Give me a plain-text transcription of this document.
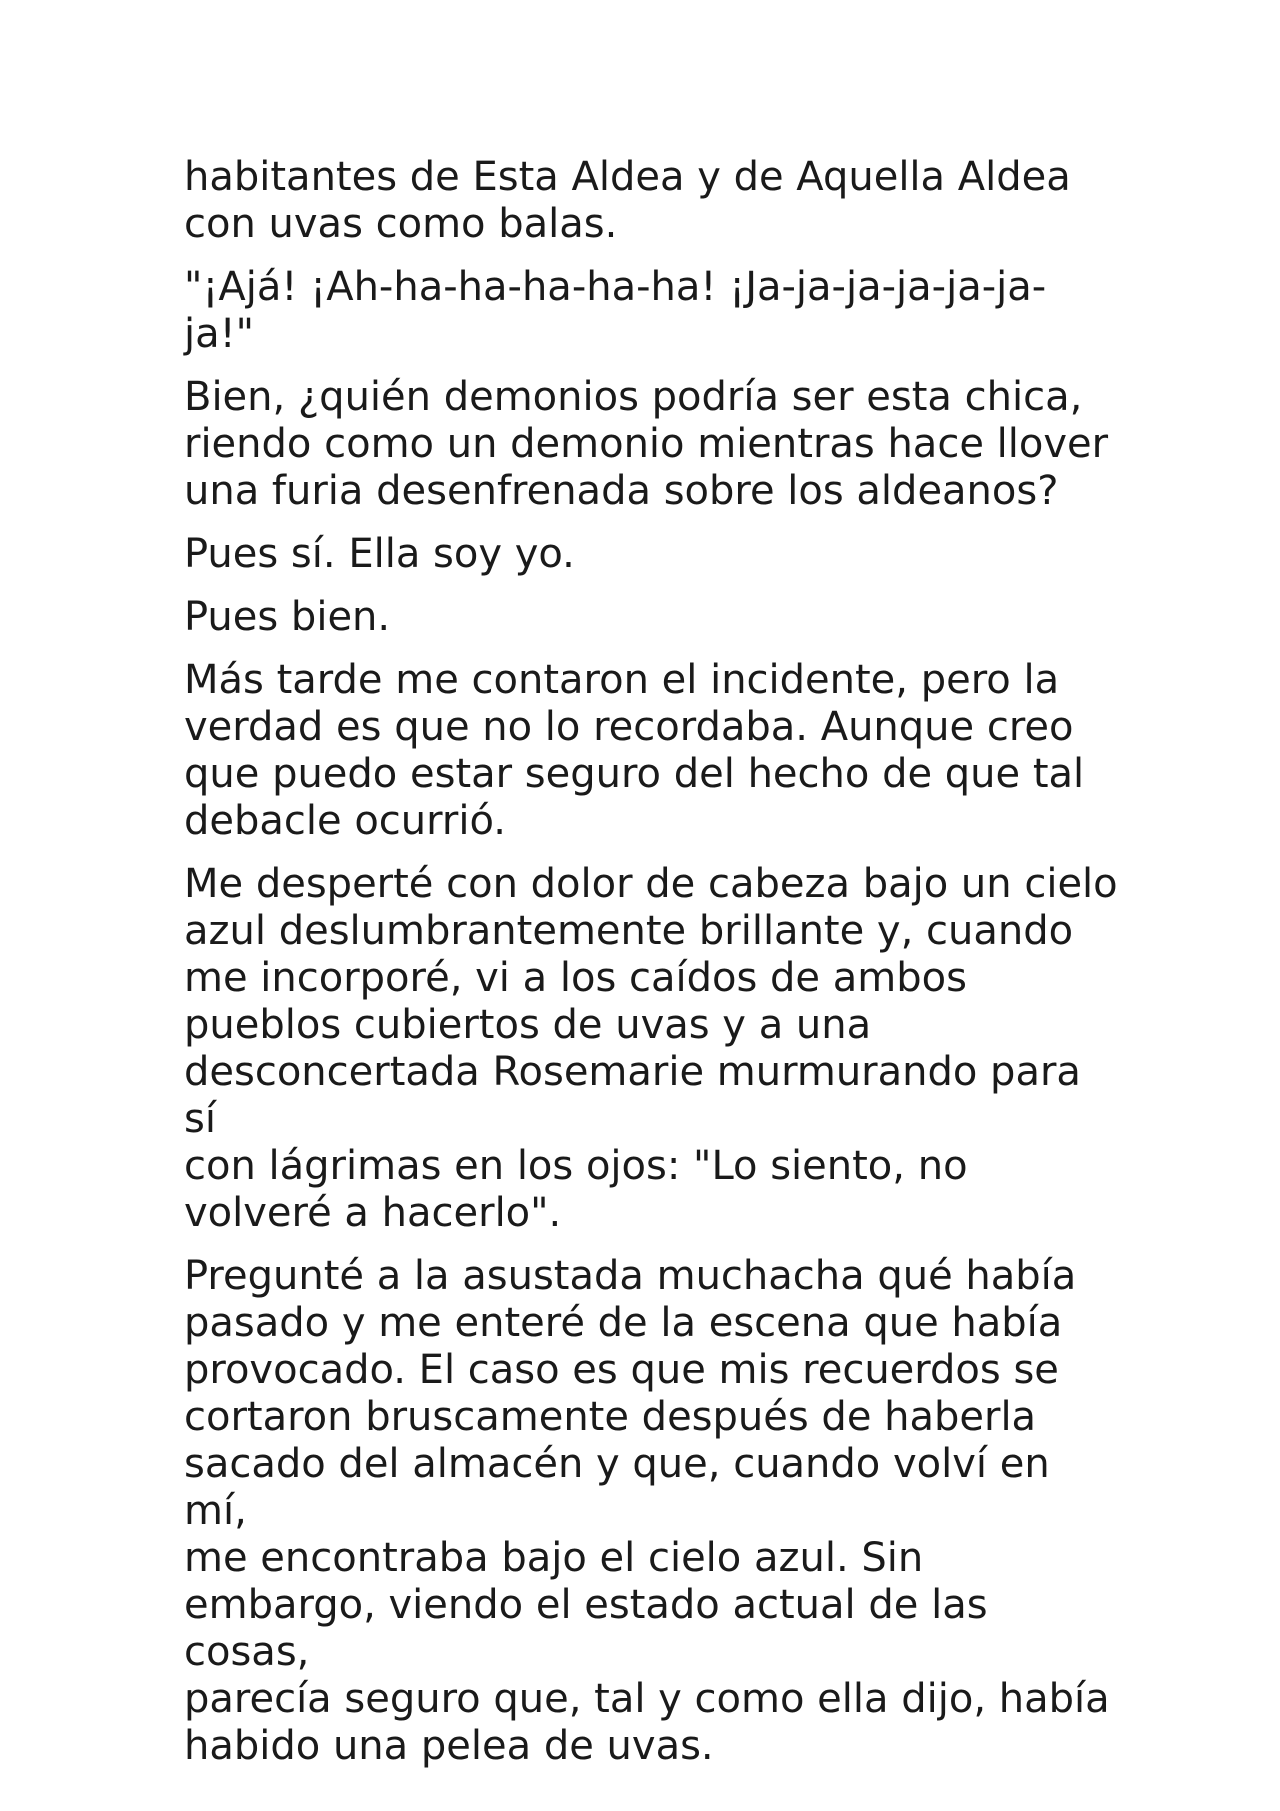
habitantes de Esta Aldea y de Aquella Aldea
con uvas como balas.

"¡Ajá! ¡Ah-ha-ha-ha-ha-ha! ¡Ja-ja-ja-ja-ja-ja-
ja!"

Bien, ¿quién demonios podría ser esta chica,
riendo como un demonio mientras hace llover
una furia desenfrenada sobre los aldeanos?

Pues sí. Ella soy yo.

Pues bien.

Más tarde me contaron el incidente, pero la
verdad es que no lo recordaba. Aunque creo
que puedo estar seguro del hecho de que tal
debacle ocurrió.

Me desperté con dolor de cabeza bajo un cielo
azul deslumbrantemente brillante y, cuando
me incorporé, vi a los caídos de ambos
pueblos cubiertos de uvas y a una
desconcertada Rosemarie murmurando para sí
con lágrimas en los ojos: "Lo siento, no
volveré a hacerlo".

Pregunté a la asustada muchacha qué había
pasado y me enteré de la escena que había
provocado. El caso es que mis recuerdos se
cortaron bruscamente después de haberla
sacado del almacén y que, cuando volví en mí,
me encontraba bajo el cielo azul. Sin
embargo, viendo el estado actual de las cosas,
parecía seguro que, tal y como ella dijo, había
habido una pelea de uvas.
